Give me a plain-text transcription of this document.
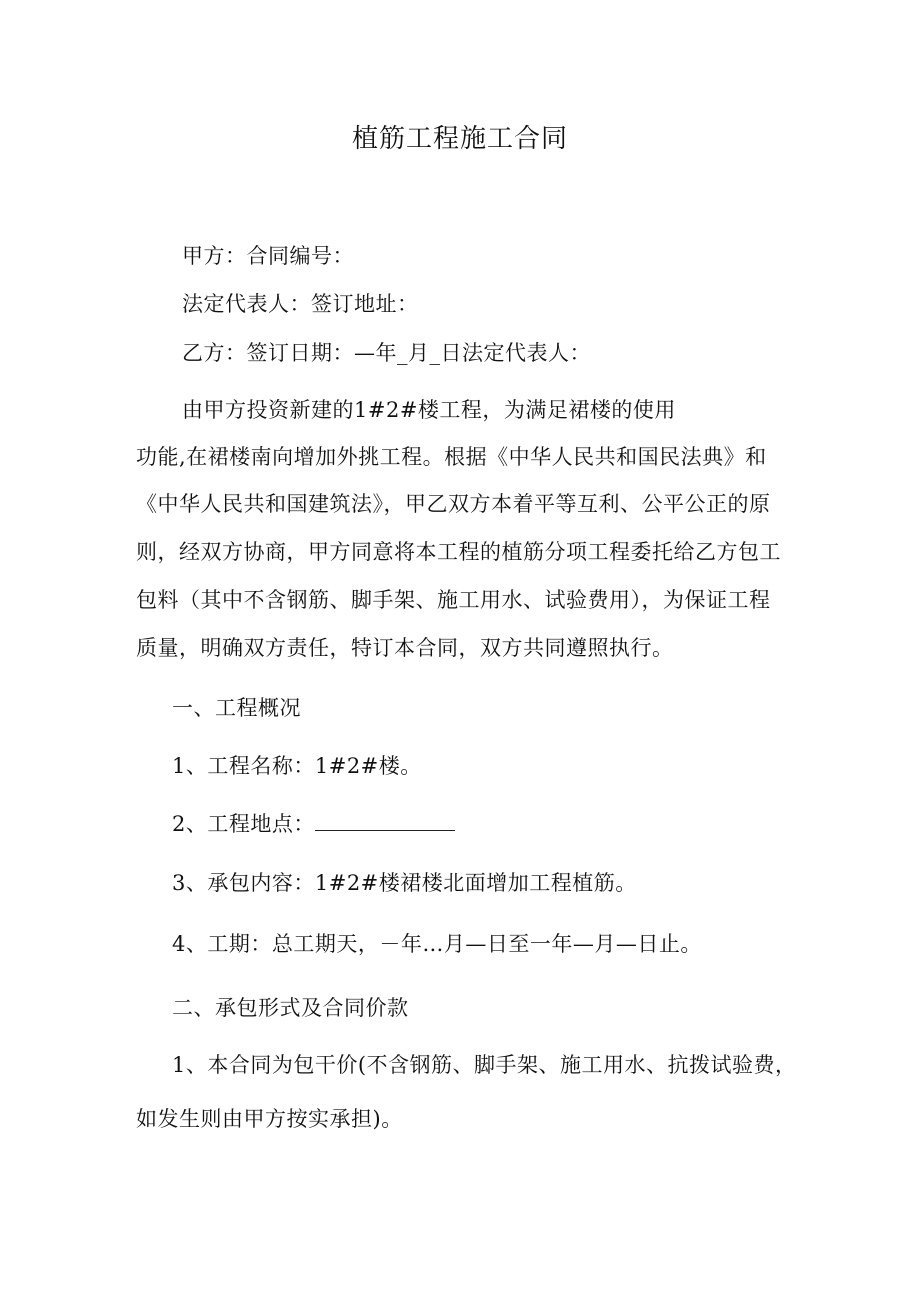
植筋工程施工合同
甲方：合同编号：
法定代表人：签订地址：
乙方：签订日期：—年_月_日法定代表人：
由甲方投资新建的1#2#楼工程，为满足裙楼的使用
功能,在裙楼南向增加外挑工程。根据《中华人民共和国民法典》和
《中华人民共和国建筑法》，甲乙双方本着平等互利、公平公正的原
则，经双方协商，甲方同意将本工程的植筋分项工程委托给乙方包工
包料（其中不含钢筋、脚手架、施工用水、试验费用），为保证工程
质量，明确双方责任，特订本合同，双方共同遵照执行。
一、工程概况
1、工程名称：1#2#楼。
2、工程地点：
3、承包内容：1#2#楼裙楼北面增加工程植筋。
4、工期：总工期天，－年…月—日至一年—月—日止。
二、承包形式及合同价款
1、本合同为包干价(不含钢筋、脚手架、施工用水、抗拨试验费，
如发生则由甲方按实承担)。
